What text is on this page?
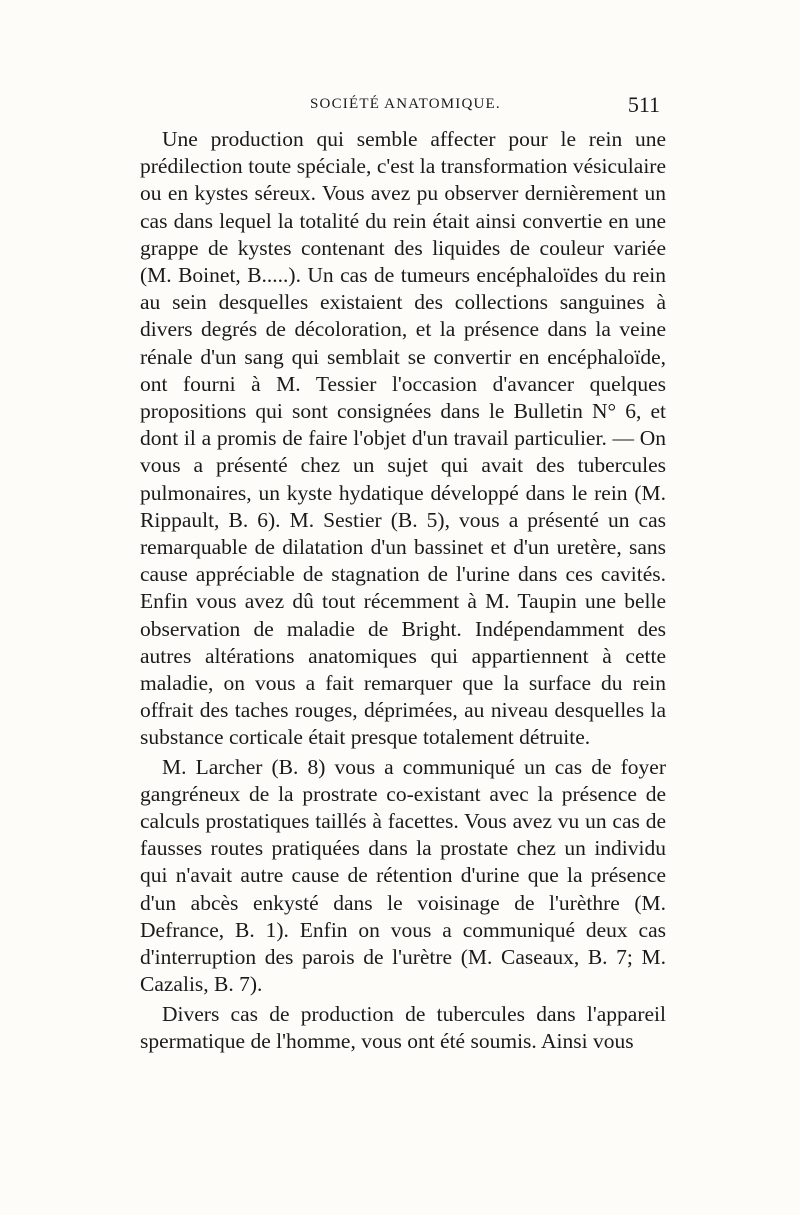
SOCIÉTÉ ANATOMIQUE.	511

Une production qui semble affecter pour le rein une prédilection toute spéciale, c'est la transformation vésiculaire ou en kystes séreux. Vous avez pu observer dernièrement un cas dans lequel la totalité du rein était ainsi convertie en une grappe de kystes contenant des liquides de couleur variée (M. Boinet, B.....). Un cas de tumeurs encéphaloïdes du rein au sein desquelles existaient des collections sanguines à divers degrés de décoloration, et la présence dans la veine rénale d'un sang qui semblait se convertir en encéphaloïde, ont fourni à M. Tessier l'occasion d'avancer quelques propositions qui sont consignées dans le Bulletin N° 6, et dont il a promis de faire l'objet d'un travail particulier. — On vous a présenté chez un sujet qui avait des tubercules pulmonaires, un kyste hydatique développé dans le rein (M. Rippault, B. 6). M. Sestier (B. 5), vous a présenté un cas remarquable de dilatation d'un bassinet et d'un uretère, sans cause appréciable de stagnation de l'urine dans ces cavités. Enfin vous avez dû tout récemment à M. Taupin une belle observation de maladie de Bright. Indépendamment des autres altérations anatomiques qui appartiennent à cette maladie, on vous a fait remarquer que la surface du rein offrait des taches rouges, déprimées, au niveau desquelles la substance corticale était presque totalement détruite.

M. Larcher (B. 8) vous a communiqué un cas de foyer gangréneux de la prostrate co-existant avec la présence de calculs prostatiques taillés à facettes. Vous avez vu un cas de fausses routes pratiquées dans la prostate chez un individu qui n'avait autre cause de rétention d'urine que la présence d'un abcès enkysté dans le voisinage de l'urèthre (M. Defrance, B. 1). Enfin on vous a communiqué deux cas d'interruption des parois de l'urètre (M. Caseaux, B. 7; M. Cazalis, B. 7).

Divers cas de production de tubercules dans l'appareil spermatique de l'homme, vous ont été soumis. Ainsi vous
